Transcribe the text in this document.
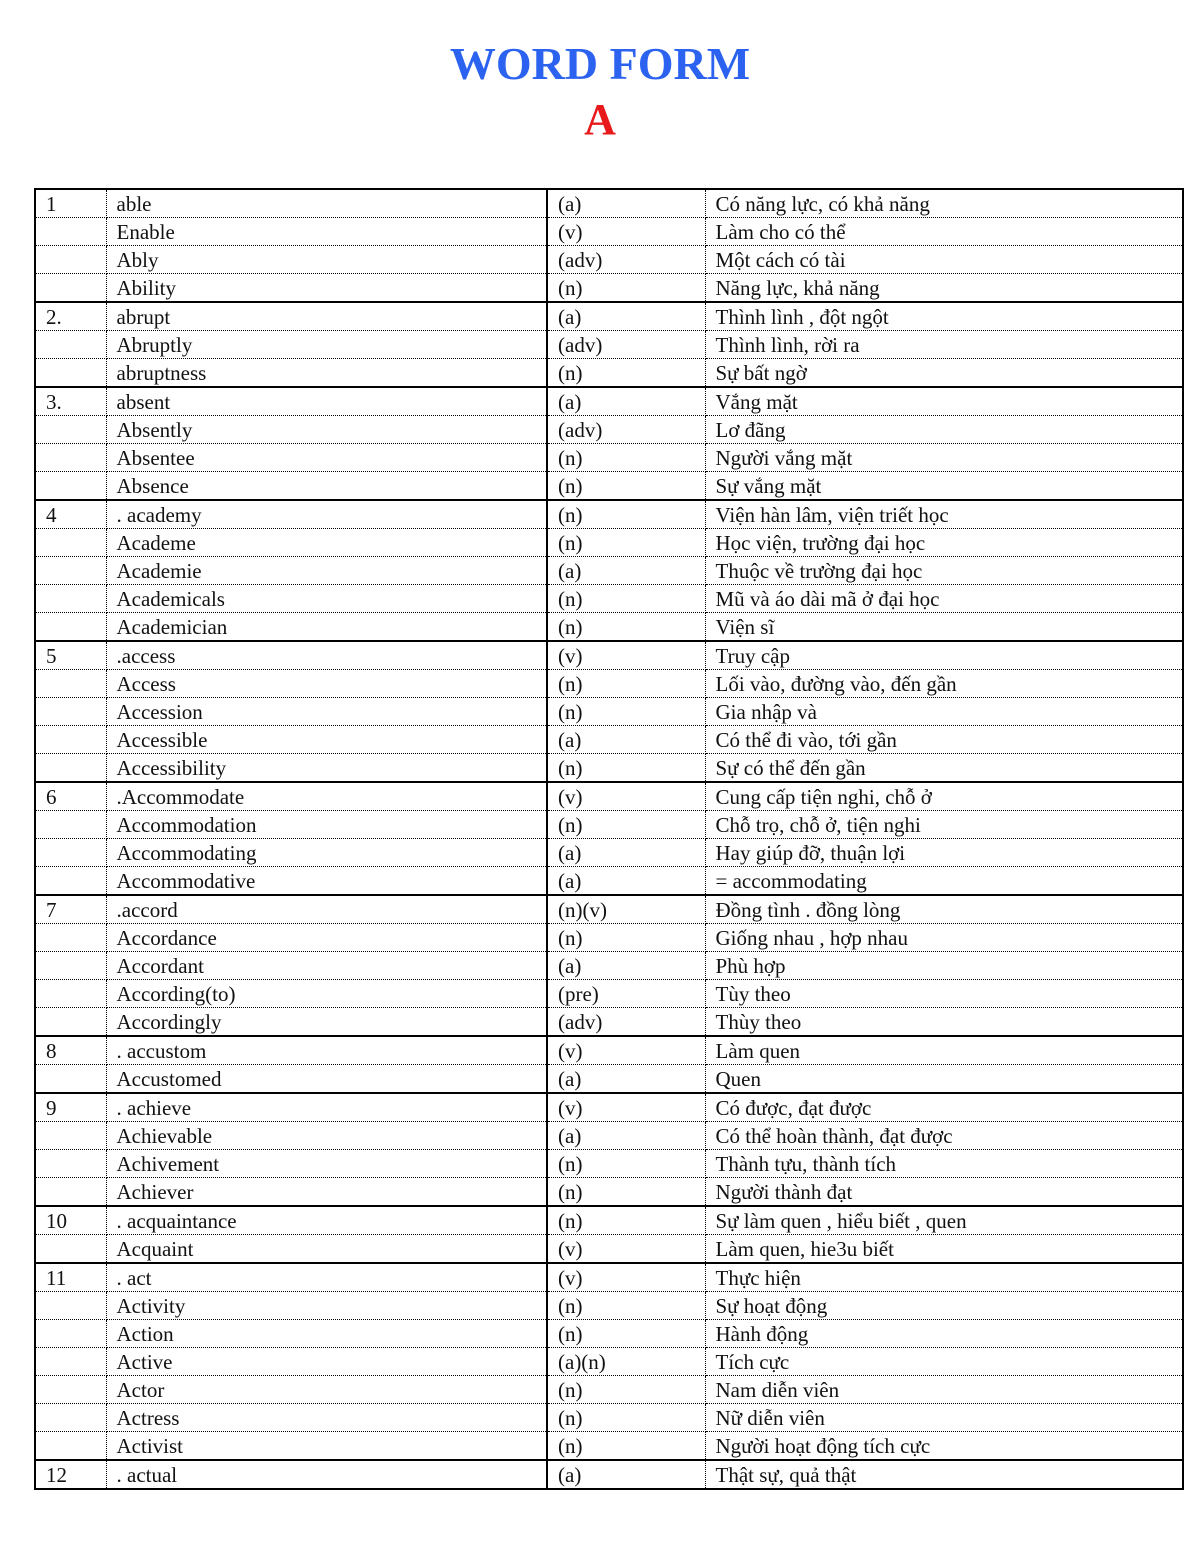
WORD FORM
A
1	able	(a)	Có năng lực, có khả năng
	Enable	(v)	Làm cho có thể
	Ably	(adv)	Một cách có tài
	Ability	(n)	Năng lực, khả năng
2.	abrupt	(a)	Thình lình , đột ngột
	Abruptly	(adv)	Thình lình, rời ra
	abruptness	(n)	Sự bất ngờ
3.	absent	(a)	Vắng mặt
	Absently	(adv)	Lơ đãng
	Absentee	(n)	Người vắng mặt
	Absence	(n)	Sự vắng mặt
4	. academy	(n)	Viện hàn lâm, viện triết học
	Academe	(n)	Học viện, trường đại học
	Academie	(a)	Thuộc về trường đại học
	Academicals	(n)	Mũ và áo dài mã ở đại học
	Academician	(n)	Viện sĩ
5	.access	(v)	Truy cập
	Access	(n)	Lối vào, đường vào, đến gần
	Accession	(n)	Gia nhập và
	Accessible	(a)	Có thể đi vào, tới gần
	Accessibility	(n)	Sự có thể đến gần
6	.Accommodate	(v)	Cung cấp tiện nghi, chỗ ở
	Accommodation	(n)	Chỗ trọ, chỗ ở, tiện nghi
	Accommodating	(a)	Hay giúp đỡ, thuận lợi
	Accommodative	(a)	= accommodating
7	.accord	(n)(v)	Đồng tình . đồng lòng
	Accordance	(n)	Giống nhau , hợp nhau
	Accordant	(a)	Phù hợp
	According(to)	(pre)	Tùy theo
	Accordingly	(adv)	Thùy theo
8	. accustom	(v)	Làm quen
	Accustomed	(a)	Quen
9	. achieve	(v)	Có được, đạt được
	Achievable	(a)	Có thể hoàn thành, đạt được
	Achivement	(n)	Thành tựu, thành tích
	Achiever	(n)	Người thành đạt
10	. acquaintance	(n)	Sự làm quen , hiểu biết , quen
	Acquaint	(v)	Làm quen, hie3u biết
11	. act	(v)	Thực hiện
	Activity	(n)	Sự hoạt động
	Action	(n)	Hành động
	Active	(a)(n)	Tích cực
	Actor	(n)	Nam diễn viên
	Actress	(n)	Nữ diễn viên
	Activist	(n)	Người hoạt động tích cực
12	. actual	(a)	Thật sự, quả thật
